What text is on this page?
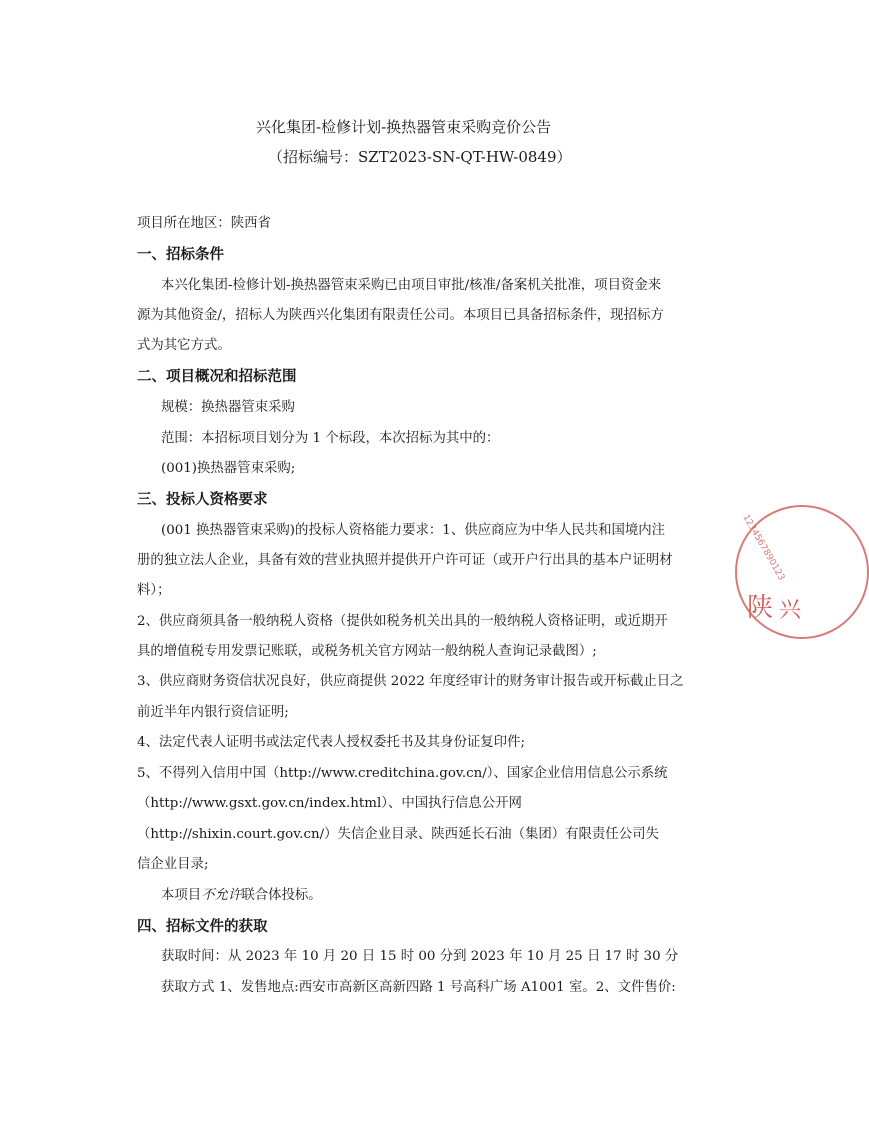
兴化集团-检修计划-换热器管束采购竞价公告
（招标编号：SZT2023-SN-QT-HW-0849）
项目所在地区：陕西省
一、招标条件
本兴化集团-检修计划-换热器管束采购已由项目审批/核准/备案机关批准，项目资金来
源为其他资金/，招标人为陕西兴化集团有限责任公司。本项目已具备招标条件，现招标方
式为其它方式。
二、项目概况和招标范围
规模：换热器管束采购
范围：本招标项目划分为 1 个标段，本次招标为其中的：
(001)换热器管束采购;
三、投标人资格要求
(001 换热器管束采购)的投标人资格能力要求：1、供应商应为中华人民共和国境内注
册的独立法人企业，具备有效的营业执照并提供开户许可证（或开户行出具的基本户证明材
料）；
2、供应商须具备一般纳税人资格（提供如税务机关出具的一般纳税人资格证明，或近期开
具的增值税专用发票记账联，或税务机关官方网站一般纳税人查询记录截图）;
3、供应商财务资信状况良好，供应商提供 2022 年度经审计的财务审计报告或开标截止日之
前近半年内银行资信证明;
4、法定代表人证明书或法定代表人授权委托书及其身份证复印件;
5、不得列入信用中国（http://www.creditchina.gov.cn/）、国家企业信用信息公示系统
（http://www.gsxt.gov.cn/index.html）、中国执行信息公开网
（http://shixin.court.gov.cn/）失信企业目录、陕西延长石油（集团）有限责任公司失
信企业目录;
本项目不允许联合体投标。
四、招标文件的获取
获取时间：从 2023 年 10 月 20 日 15 时 00 分到 2023 年 10 月 25 日 17 时 30 分
获取方式 1、发售地点:西安市高新区高新四路 1 号高科广场 A1001 室。2、文件售价:
1234567890123
陕 兴
